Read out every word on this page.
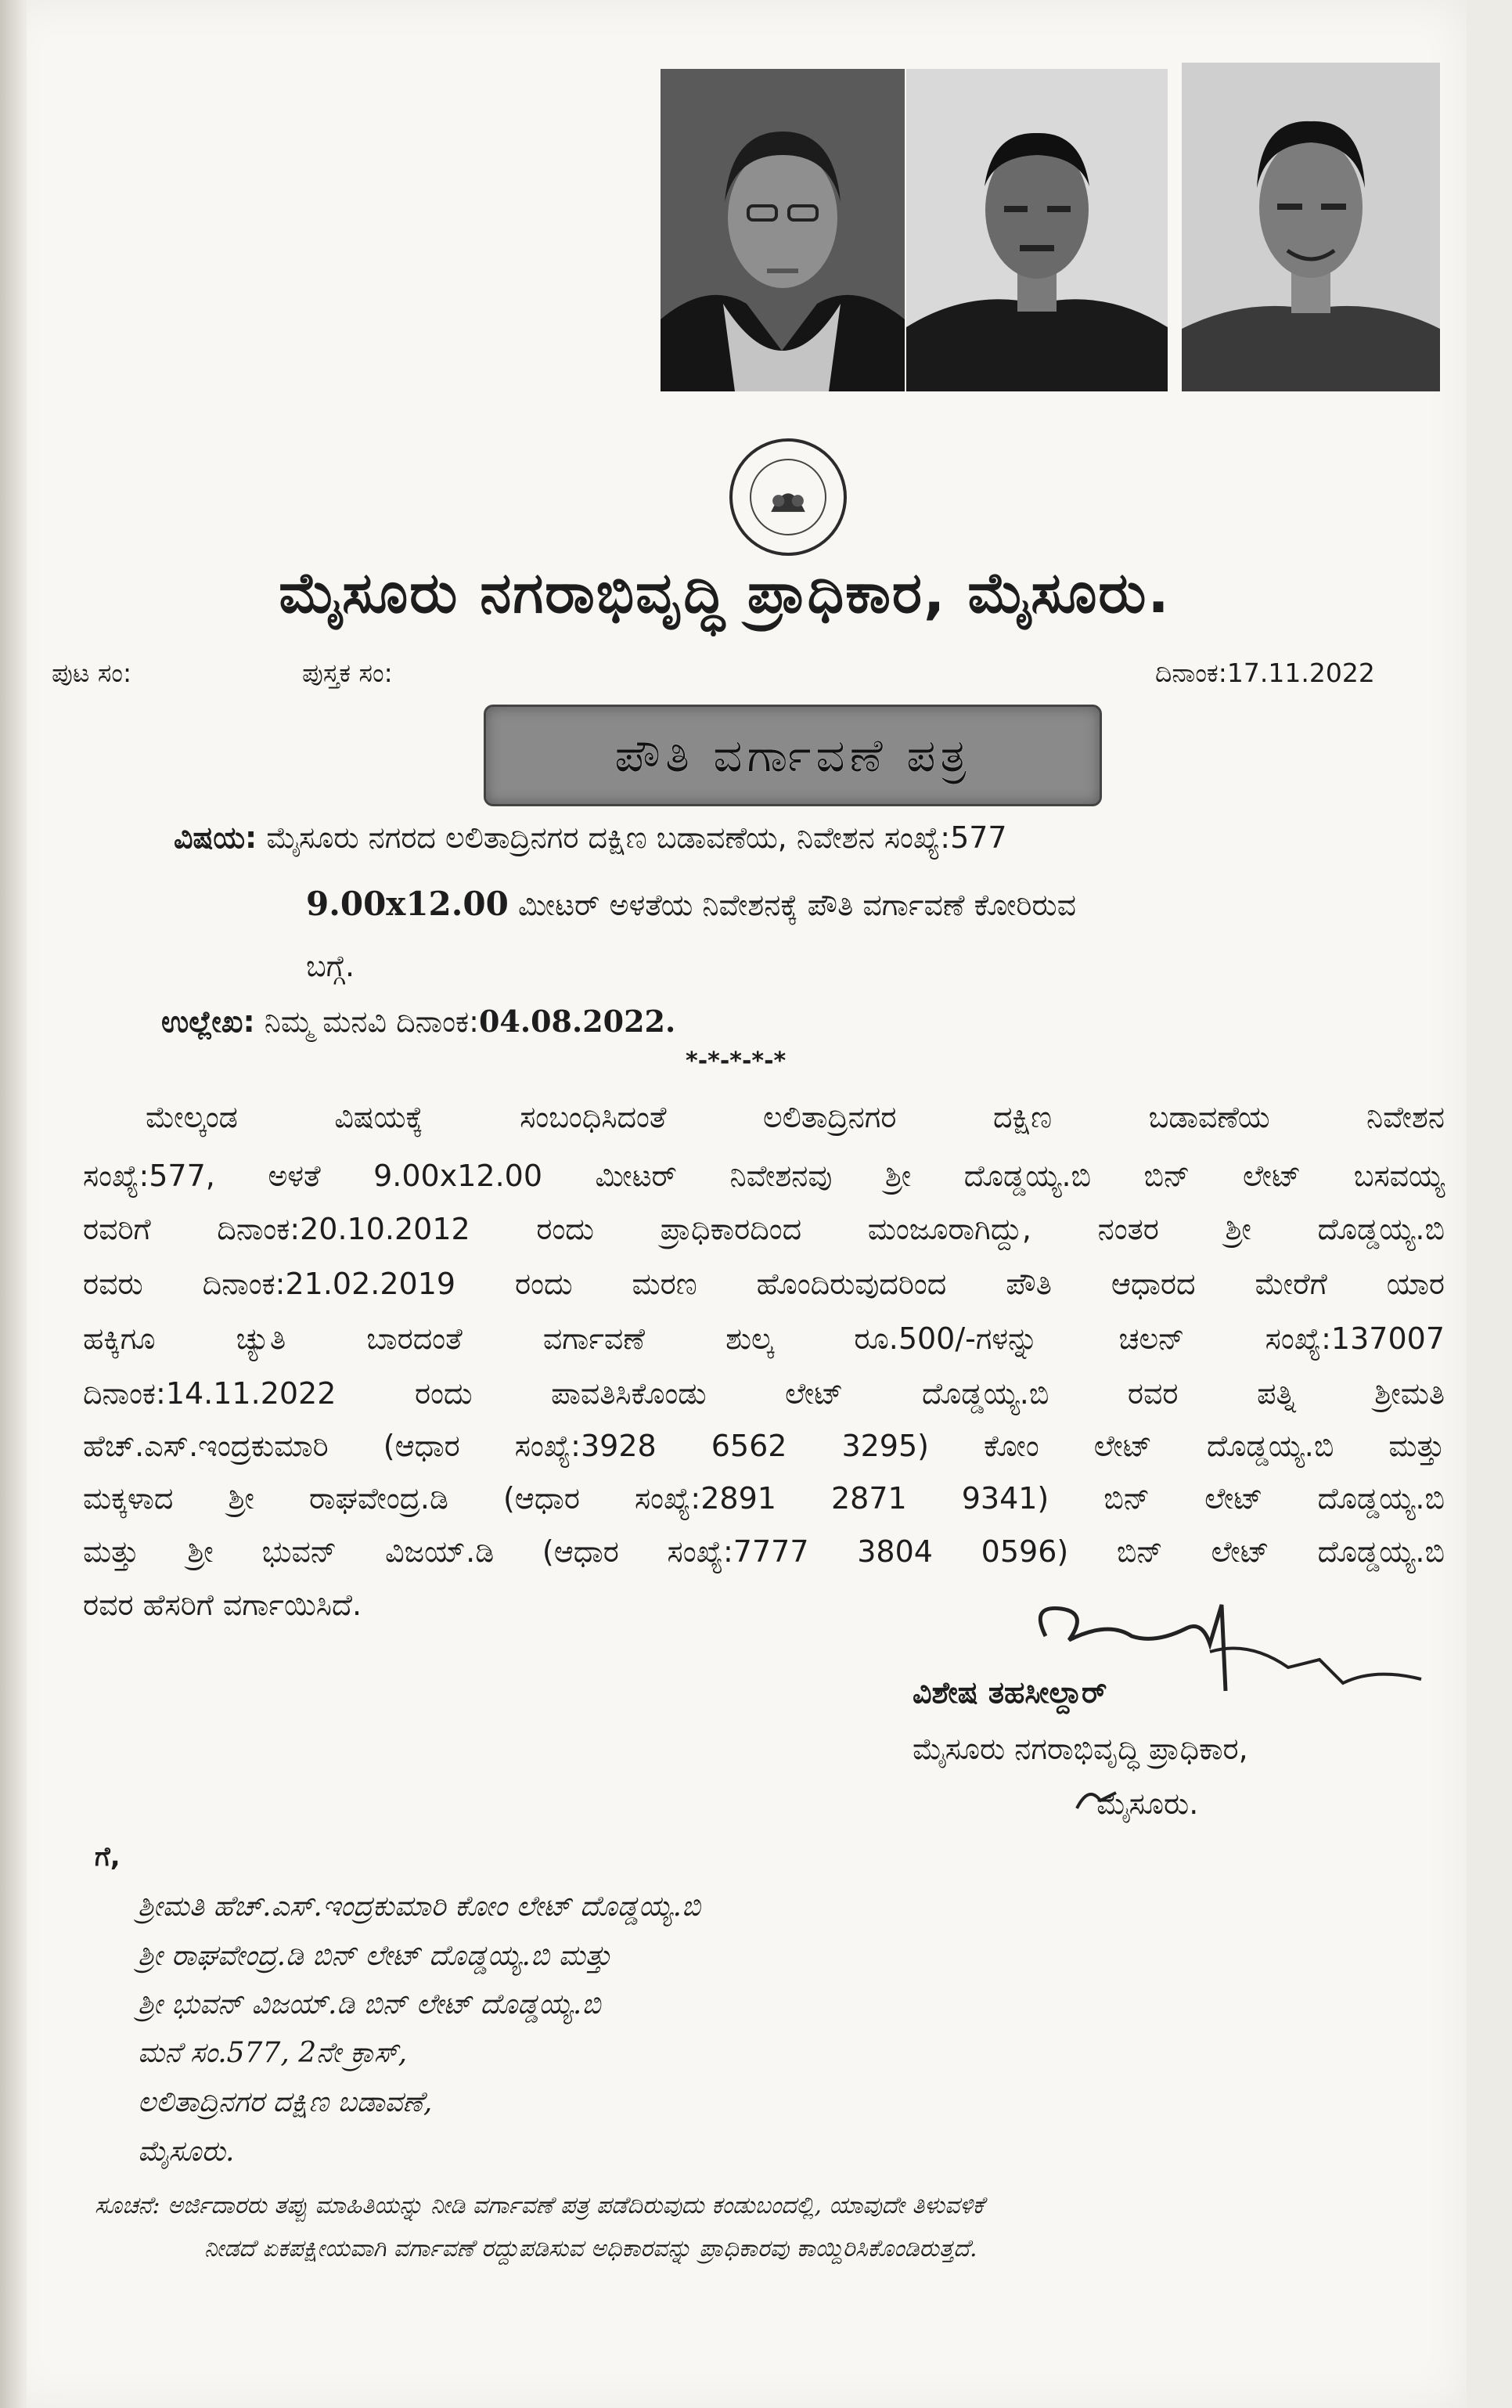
ಮೈಸೂರು ನಗರಾಭಿವೃದ್ಧಿ ಪ್ರಾಧಿಕಾರ, ಮೈಸೂರು.
ಪುಟ ಸಂ:	ಪುಸ್ತಕ ಸಂ:	ದಿನಾಂಕ:17.11.2022
ಪೌತಿ ವರ್ಗಾವಣೆ ಪತ್ರ
ವಿಷಯ: ಮೈಸೂರು ನಗರದ ಲಲಿತಾದ್ರಿನಗರ ದಕ್ಷಿಣ ಬಡಾವಣೆಯ, ನಿವೇಶನ ಸಂಖ್ಯೆ:577
9.00x12.00 ಮೀಟರ್ ಅಳತೆಯ ನಿವೇಶನಕ್ಕೆ ಪೌತಿ ವರ್ಗಾವಣೆ ಕೋರಿರುವ
ಬಗ್ಗೆ.
ಉಲ್ಲೇಖ: ನಿಮ್ಮ ಮನವಿ ದಿನಾಂಕ:04.08.2022.
*-*-*-*-*
ಮೇಲ್ಕಂಡ ವಿಷಯಕ್ಕೆ ಸಂಬಂಧಿಸಿದಂತೆ ಲಲಿತಾದ್ರಿನಗರ ದಕ್ಷಿಣ ಬಡಾವಣೆಯ ನಿವೇಶನ
ಸಂಖ್ಯೆ:577, ಅಳತೆ 9.00x12.00 ಮೀಟರ್ ನಿವೇಶನವು ಶ್ರೀ ದೊಡ್ಡಯ್ಯ.ಬಿ ಬಿನ್ ಲೇಟ್ ಬಸವಯ್ಯ
ರವರಿಗೆ ದಿನಾಂಕ:20.10.2012 ರಂದು ಪ್ರಾಧಿಕಾರದಿಂದ ಮಂಜೂರಾಗಿದ್ದು, ನಂತರ ಶ್ರೀ ದೊಡ್ಡಯ್ಯ.ಬಿ
ರವರು ದಿನಾಂಕ:21.02.2019 ರಂದು ಮರಣ ಹೊಂದಿರುವುದರಿಂದ ಪೌತಿ ಆಧಾರದ ಮೇರೆಗೆ ಯಾರ
ಹಕ್ಕಿಗೂ ಚ್ಯುತಿ ಬಾರದಂತೆ ವರ್ಗಾವಣೆ ಶುಲ್ಕ ರೂ.500/-ಗಳನ್ನು ಚಲನ್ ಸಂಖ್ಯೆ:137007
ದಿನಾಂಕ:14.11.2022 ರಂದು ಪಾವತಿಸಿಕೊಂಡು ಲೇಟ್ ದೊಡ್ಡಯ್ಯ.ಬಿ ರವರ ಪತ್ನಿ ಶ್ರೀಮತಿ
ಹೆಚ್.ಎಸ್.ಇಂದ್ರಕುಮಾರಿ (ಆಧಾರ ಸಂಖ್ಯೆ:3928 6562 3295) ಕೋಂ ಲೇಟ್ ದೊಡ್ಡಯ್ಯ.ಬಿ ಮತ್ತು
ಮಕ್ಕಳಾದ ಶ್ರೀ ರಾಘವೇಂದ್ರ.ಡಿ (ಆಧಾರ ಸಂಖ್ಯೆ:2891 2871 9341) ಬಿನ್ ಲೇಟ್ ದೊಡ್ಡಯ್ಯ.ಬಿ
ಮತ್ತು ಶ್ರೀ ಭುವನ್ ವಿಜಯ್.ಡಿ (ಆಧಾರ ಸಂಖ್ಯೆ:7777 3804 0596) ಬಿನ್ ಲೇಟ್ ದೊಡ್ಡಯ್ಯ.ಬಿ
ರವರ ಹೆಸರಿಗೆ ವರ್ಗಾಯಿಸಿದೆ.
ವಿಶೇಷ ತಹಸೀಲ್ದಾರ್
ಮೈಸೂರು ನಗರಾಭಿವೃದ್ಧಿ ಪ್ರಾಧಿಕಾರ,
ಮೈಸೂರು.
ಗೆ,
ಶ್ರೀಮತಿ ಹೆಚ್.ಎಸ್.ಇಂದ್ರಕುಮಾರಿ ಕೋಂ ಲೇಟ್ ದೊಡ್ಡಯ್ಯ.ಬಿ
ಶ್ರೀ ರಾಘವೇಂದ್ರ.ಡಿ ಬಿನ್ ಲೇಟ್ ದೊಡ್ಡಯ್ಯ.ಬಿ ಮತ್ತು
ಶ್ರೀ ಭುವನ್ ವಿಜಯ್.ಡಿ ಬಿನ್ ಲೇಟ್ ದೊಡ್ಡಯ್ಯ.ಬಿ
ಮನೆ ಸಂ.577, 2ನೇ ಕ್ರಾಸ್,
ಲಲಿತಾದ್ರಿನಗರ ದಕ್ಷಿಣ ಬಡಾವಣೆ,
ಮೈಸೂರು.
ಸೂಚನೆ: ಅರ್ಜಿದಾರರು ತಪ್ಪು ಮಾಹಿತಿಯನ್ನು ನೀಡಿ ವರ್ಗಾವಣೆ ಪತ್ರ ಪಡೆದಿರುವುದು ಕಂಡುಬಂದಲ್ಲಿ, ಯಾವುದೇ ತಿಳುವಳಿಕೆ
ನೀಡದೆ ಏಕಪಕ್ಷೀಯವಾಗಿ ವರ್ಗಾವಣೆ ರದ್ದುಪಡಿಸುವ ಅಧಿಕಾರವನ್ನು ಪ್ರಾಧಿಕಾರವು ಕಾಯ್ದಿರಿಸಿಕೊಂಡಿರುತ್ತದೆ.
